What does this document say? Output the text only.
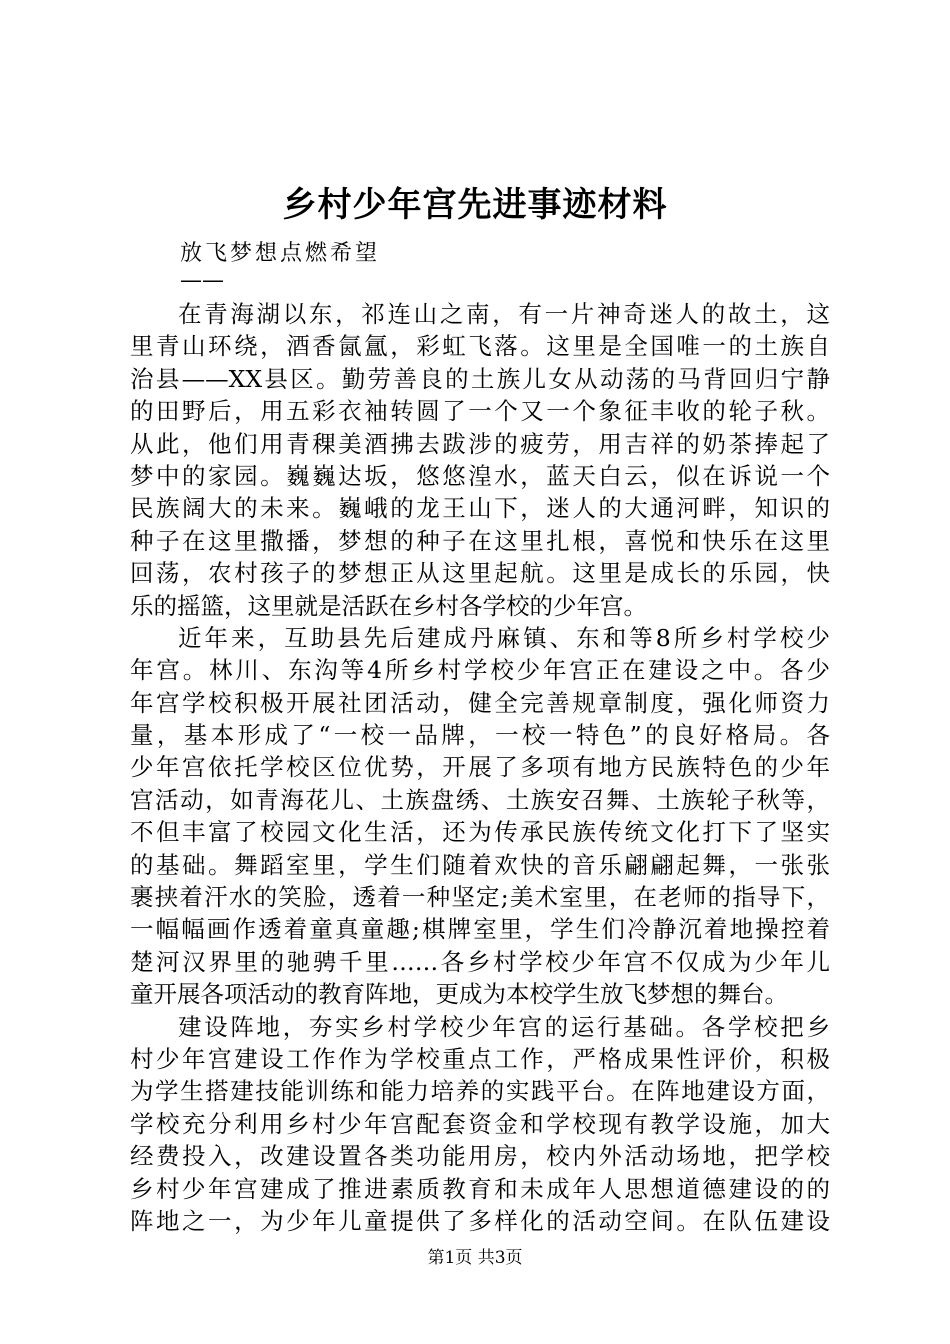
乡村少年宫先进事迹材料
放飞梦想点燃希望
——
在青海湖以东，祁连山之南，有一片神奇迷人的故土，这
里青山环绕，酒香氤氲，彩虹飞落。这里是全国唯一的土族自
治县——XX县区。勤劳善良的土族儿女从动荡的马背回归宁静
的田野后，用五彩衣袖转圆了一个又一个象征丰收的轮子秋。
从此，他们用青稞美酒拂去跋涉的疲劳，用吉祥的奶茶捧起了
梦中的家园。巍巍达坂，悠悠湟水，蓝天白云，似在诉说一个
民族阔大的未来。巍峨的龙王山下，迷人的大通河畔，知识的
种子在这里撒播，梦想的种子在这里扎根，喜悦和快乐在这里
回荡，农村孩子的梦想正从这里起航。这里是成长的乐园，快
乐的摇篮，这里就是活跃在乡村各学校的少年宫。
近年来，互助县先后建成丹麻镇、东和等8所乡村学校少
年宫。林川、东沟等4所乡村学校少年宫正在建设之中。各少
年宫学校积极开展社团活动，健全完善规章制度，强化师资力
量，基本形成了“一校一品牌，一校一特色”的良好格局。各
少年宫依托学校区位优势，开展了多项有地方民族特色的少年
宫活动，如青海花儿、土族盘绣、土族安召舞、土族轮子秋等，
不但丰富了校园文化生活，还为传承民族传统文化打下了坚实
的基础。舞蹈室里，学生们随着欢快的音乐翩翩起舞，一张张
裹挟着汗水的笑脸，透着一种坚定;美术室里，在老师的指导下，
一幅幅画作透着童真童趣;棋牌室里，学生们冷静沉着地操控着
楚河汉界里的驰骋千里……各乡村学校少年宫不仅成为少年儿
童开展各项活动的教育阵地，更成为本校学生放飞梦想的舞台。
建设阵地，夯实乡村学校少年宫的运行基础。各学校把乡
村少年宫建设工作作为学校重点工作，严格成果性评价，积极
为学生搭建技能训练和能力培养的实践平台。在阵地建设方面，
学校充分利用乡村少年宫配套资金和学校现有教学设施，加大
经费投入，改建设置各类功能用房，校内外活动场地，把学校
乡村少年宫建成了推进素质教育和未成年人思想道德建设的的
阵地之一，为少年儿童提供了多样化的活动空间。在队伍建设
第1页 共3页
